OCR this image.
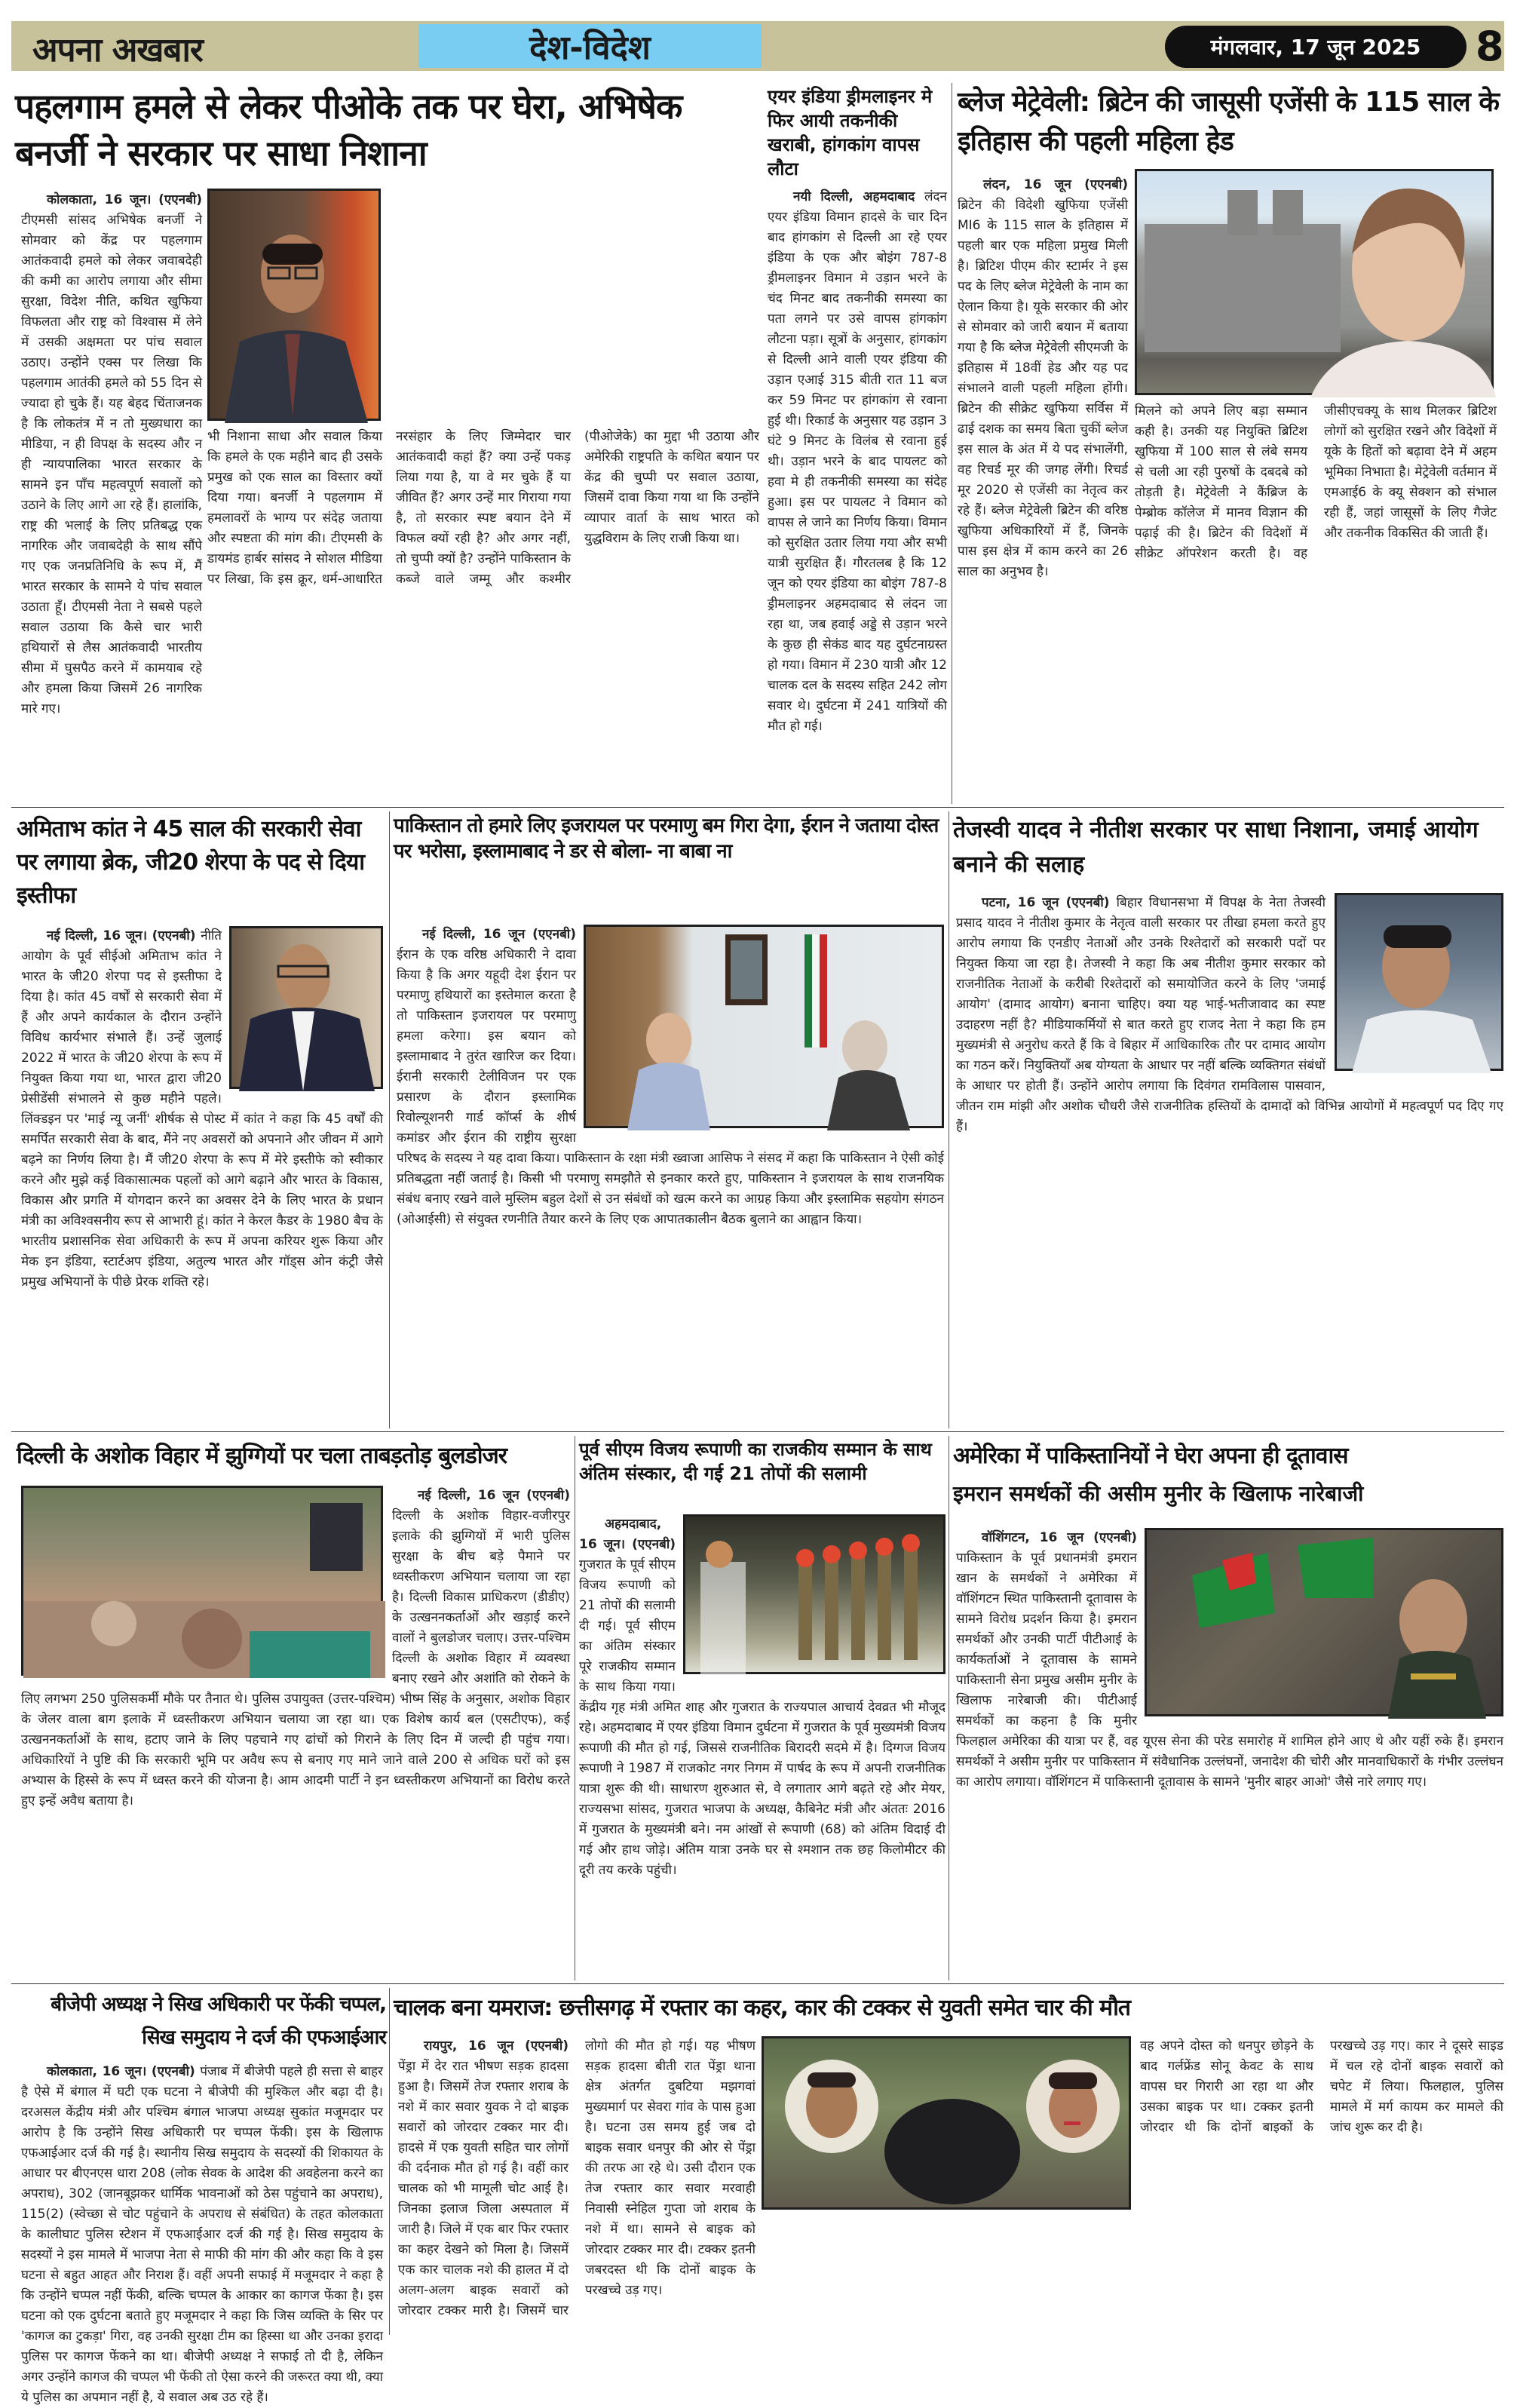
अपना अखबार	देश-विदेश	मंगलवार, 17 जून 2025 8
पहलगाम हमले से लेकर पीओके तक पर घेरा, अभिषेक बनर्जी ने सरकार पर साधा निशाना
कोलकाता, 16 जून। (एएनबी) टीएमसी सांसद अभिषेक बनर्जी ने सोमवार को केंद्र पर पहलगाम आतंकवादी हमले को लेकर जवाबदेही की कमी का आरोप लगाया और सीमा सुरक्षा, विदेश नीति, कथित खुफिया विफलता और राष्ट्र को विश्वास में लेने में उसकी अक्षमता पर पांच सवाल उठाए। उन्होंने एक्स पर लिखा कि पहलगाम आतंकी हमले को 55 दिन से ज्यादा हो चुके हैं। यह बेहद चिंताजनक है कि लोकतंत्र में न तो मुख्यधारा का मीडिया, न ही विपक्ष के सदस्य और न ही न्यायपालिका भारत सरकार के सामने इन पाँच महत्वपूर्ण सवालों को उठाने के लिए आगे आ रहे हैं। हालांकि, राष्ट्र की भलाई के लिए प्रतिबद्ध एक नागरिक और जवाबदेही के साथ सौंपे गए एक जनप्रतिनिधि के रूप में, मैं भारत सरकार के सामने ये पांच सवाल उठाता हूँ। टीएमसी नेता ने सबसे पहले सवाल उठाया कि कैसे चार भारी हथियारों से लैस आतंकवादी भारतीय सीमा में घुसपैठ करने में कामयाब रहे और हमला किया जिसमें 26 नागरिक मारे गए।
भी निशाना साधा और सवाल किया कि हमले के एक महीने बाद ही उसके प्रमुख को एक साल का विस्तार क्यों दिया गया। बनर्जी ने पहलगाम में हमलावरों के भाग्य पर संदेह जताया और स्पष्टता की मांग की। टीएमसी के डायमंड हार्बर सांसद ने सोशल मीडिया पर लिखा, कि इस क्रूर, धर्म-आधारित नरसंहार के लिए जिम्मेदार चार आतंकवादी कहां हैं? क्या उन्हें पकड़ लिया गया है, या वे मर चुके हैं या जीवित हैं? अगर उन्हें मार गिराया गया है, तो सरकार स्पष्ट बयान देने में विफल क्यों रही है? और अगर नहीं, तो चुप्पी क्यों है? उन्होंने पाकिस्तान के कब्जे वाले जम्मू और कश्मीर (पीओजेके) का मुद्दा भी उठाया और अमेरिकी राष्ट्रपति के कथित बयान पर केंद्र की चुप्पी पर सवाल उठाया, जिसमें दावा किया गया था कि उन्होंने व्यापार वार्ता के साथ भारत को युद्धविराम के लिए राजी किया था।
एयर इंडिया ड्रीमलाइनर मे फिर आयी तकनीकी खराबी, हांगकांग वापस लौटा
नयी दिल्ली, अहमदाबाद लंदन एयर इंडिया विमान हादसे के चार दिन बाद हांगकांग से दिल्ली आ रहे एयर इंडिया के एक और बोइंग 787-8 ड्रीमलाइनर विमान मे उड़ान भरने के चंद मिनट बाद तकनीकी समस्या का पता लगने पर उसे वापस हांगकांग लौटना पड़ा। सूत्रों के अनुसार, हांगकांग से दिल्ली आने वाली एयर इंडिया की उड़ान एआई 315 बीती रात 11 बज कर 59 मिनट पर हांगकांग से रवाना हुई थी। रिकार्ड के अनुसार यह उड़ान 3 घंटे 9 मिनट के विलंब से रवाना हुई थी। उड़ान भरने के बाद पायलट को हवा मे ही तकनीकी समस्या का संदेह हुआ। इस पर पायलट ने विमान को वापस ले जाने का निर्णय किया। विमान को सुरक्षित उतार लिया गया और सभी यात्री सुरक्षित हैं। गौरतलब है कि 12 जून को एयर इंडिया का बोइंग 787-8 ड्रीमलाइनर अहमदाबाद से लंदन जा रहा था, जब हवाई अड्डे से उड़ान भरने के कुछ ही सेकंड बाद यह दुर्घटनाग्रस्त हो गया। विमान में 230 यात्री और 12 चालक दल के सदस्य सहित 242 लोग सवार थे। दुर्घटना में 241 यात्रियों की मौत हो गई।
ब्लेज मेट्रेवेली: ब्रिटेन की जासूसी एजेंसी के 115 साल के इतिहास की पहली महिला हेड
लंदन, 16 जून (एएनबी) ब्रिटेन की विदेशी खुफिया एजेंसी MI6 के 115 साल के इतिहास में पहली बार एक महिला प्रमुख मिली है। ब्रिटिश पीएम कीर स्टार्मर ने इस पद के लिए ब्लेज मेट्रेवेली के नाम का ऐलान किया है। यूके सरकार की ओर से सोमवार को जारी बयान में बताया गया है कि ब्लेज मेट्रेवेली सीएमजी के इतिहास में 18वीं हेड और यह पद संभालने वाली पहली महिला होंगी। ब्रिटेन की सीक्रेट खुफिया सर्विस में ढाई दशक का समय बिता चुकीं ब्लेज इस साल के अंत में ये पद संभालेंगी, वह रिचर्ड मूर की जगह लेंगी। रिचर्ड मूर 2020 से एजेंसी का नेतृत्व कर रहे हैं। ब्लेज मेट्रेवेली ब्रिटेन की वरिष्ठ खुफिया अधिकारियों में हैं, जिनके पास इस क्षेत्र में काम करने का 26 साल का अनुभव है।
मिलने को अपने लिए बड़ा सम्मान कही है। उनकी यह नियुक्ति ब्रिटिश खुफिया में 100 साल से लंबे समय से चली आ रही पुरुषों के दबदबे को तोड़ती है। मेट्रेवेली ने कैंब्रिज के पेम्ब्रोक कॉलेज में मानव विज्ञान की पढ़ाई की है। ब्रिटेन की विदेशों में सीक्रेट ऑपरेशन करती है। वह जीसीएचक्यू के साथ मिलकर ब्रिटिश लोगों को सुरक्षित रखने और विदेशों में यूके के हितों को बढ़ावा देने में अहम भूमिका निभाता है। मेट्रेवेली वर्तमान में एमआई6 के क्यू सेक्शन को संभाल रही हैं, जहां जासूसों के लिए गैजेट और तकनीक विकसित की जाती हैं।
अमिताभ कांत ने 45 साल की सरकारी सेवा पर लगाया ब्रेक, जी20 शेरपा के पद से दिया इस्तीफा
नई दिल्ली, 16 जून। (एएनबी) नीति आयोग के पूर्व सीईओ अमिताभ कांत ने भारत के जी20 शेरपा पद से इस्तीफा दे दिया है। कांत 45 वर्षों से सरकारी सेवा में हैं और अपने कार्यकाल के दौरान उन्होंने विविध कार्यभार संभाले हैं। उन्हें जुलाई 2022 में भारत के जी20 शेरपा के रूप में नियुक्त किया गया था, भारत द्वारा जी20 प्रेसीडेंसी संभालने से कुछ महीने पहले। लिंक्डइन पर 'माई न्यू जर्नी' शीर्षक से पोस्ट में कांत ने कहा कि 45 वर्षों की समर्पित सरकारी सेवा के बाद, मैंने नए अवसरों को अपनाने और जीवन में आगे बढ़ने का निर्णय लिया है। मैं जी20 शेरपा के रूप में मेरे इस्तीफे को स्वीकार करने और मुझे कई विकासात्मक पहलों को आगे बढ़ाने और भारत के विकास, विकास और प्रगति में योगदान करने का अवसर देने के लिए भारत के प्रधान मंत्री का अविश्वसनीय रूप से आभारी हूं। कांत ने केरल कैडर के 1980 बैच के भारतीय प्रशासनिक सेवा अधिकारी के रूप में अपना करियर शुरू किया और मेक इन इंडिया, स्टार्टअप इंडिया, अतुल्य भारत और गॉड्स ओन कंट्री जैसे प्रमुख अभियानों के पीछे प्रेरक शक्ति रहे।
पाकिस्तान तो हमारे लिए इजरायल पर परमाणु बम गिरा देगा, ईरान ने जताया दोस्त पर भरोसा, इस्लामाबाद ने डर से बोला- ना बाबा ना
नई दिल्ली, 16 जून (एएनबी) ईरान के एक वरिष्ठ अधिकारी ने दावा किया है कि अगर यहूदी देश ईरान पर परमाणु हथियारों का इस्तेमाल करता है तो पाकिस्तान इजरायल पर परमाणु हमला करेगा। इस बयान को इस्लामाबाद ने तुरंत खारिज कर दिया। ईरानी सरकारी टेलीविजन पर एक प्रसारण के दौरान इस्लामिक रिवोल्यूशनरी गार्ड कॉर्प्स के शीर्ष कमांडर और ईरान की राष्ट्रीय सुरक्षा परिषद के सदस्य ने यह दावा किया। पाकिस्तान के रक्षा मंत्री ख्वाजा आसिफ ने संसद में कहा कि पाकिस्तान ने ऐसी कोई प्रतिबद्धता नहीं जताई है। किसी भी परमाणु समझौते से इनकार करते हुए, पाकिस्तान ने इजरायल के साथ राजनयिक संबंध बनाए रखने वाले मुस्लिम बहुल देशों से उन संबंधों को खत्म करने का आग्रह किया और इस्लामिक सहयोग संगठन (ओआईसी) से संयुक्त रणनीति तैयार करने के लिए एक आपातकालीन बैठक बुलाने का आह्वान किया।
तेजस्वी यादव ने नीतीश सरकार पर साधा निशाना, जमाई आयोग बनाने की सलाह
पटना, 16 जून (एएनबी) बिहार विधानसभा में विपक्ष के नेता तेजस्वी प्रसाद यादव ने नीतीश कुमार के नेतृत्व वाली सरकार पर तीखा हमला करते हुए आरोप लगाया कि एनडीए नेताओं और उनके रिश्तेदारों को सरकारी पदों पर नियुक्त किया जा रहा है। तेजस्वी ने कहा कि अब नीतीश कुमार सरकार को राजनीतिक नेताओं के करीबी रिश्तेदारों को समायोजित करने के लिए 'जमाई आयोग' (दामाद आयोग) बनाना चाहिए। क्या यह भाई-भतीजावाद का स्पष्ट उदाहरण नहीं है? मीडियाकर्मियों से बात करते हुए राजद नेता ने कहा कि हम मुख्यमंत्री से अनुरोध करते हैं कि वे बिहार में आधिकारिक तौर पर दामाद आयोग का गठन करें। नियुक्तियाँ अब योग्यता के आधार पर नहीं बल्कि व्यक्तिगत संबंधों के आधार पर होती हैं। उन्होंने आरोप लगाया कि दिवंगत रामविलास पासवान, जीतन राम मांझी और अशोक चौधरी जैसे राजनीतिक हस्तियों के दामादों को विभिन्न आयोगों में महत्वपूर्ण पद दिए गए हैं।
दिल्ली के अशोक विहार में झुग्गियों पर चला ताबड़तोड़ बुलडोजर
नई दिल्ली, 16 जून (एएनबी) दिल्ली के अशोक विहार-वजीरपुर इलाके की झुग्गियों में भारी पुलिस सुरक्षा के बीच बड़े पैमाने पर ध्वस्तीकरण अभियान चलाया जा रहा है। दिल्ली विकास प्राधिकरण (डीडीए) के उत्खननकर्ताओं और खड़ाई करने वालों ने बुलडोजर चलाए। उत्तर-पश्चिम दिल्ली के अशोक विहार में व्यवस्था बनाए रखने और अशांति को रोकने के लिए लगभग 250 पुलिसकर्मी मौके पर तैनात थे। पुलिस उपायुक्त (उत्तर-पश्चिम) भीष्म सिंह के अनुसार, अशोक विहार के जेलर वाला बाग इलाके में ध्वस्तीकरण अभियान चलाया जा रहा था। एक विशेष कार्य बल (एसटीएफ), कई उत्खननकर्ताओं के साथ, हटाए जाने के लिए पहचाने गए ढांचों को गिराने के लिए दिन में जल्दी ही पहुंच गया। अधिकारियों ने पुष्टि की कि सरकारी भूमि पर अवैध रूप से बनाए गए माने जाने वाले 200 से अधिक घरों को इस अभ्यास के हिस्से के रूप में ध्वस्त करने की योजना है। आम आदमी पार्टी ने इन ध्वस्तीकरण अभियानों का विरोध करते हुए इन्हें अवैध बताया है।
पूर्व सीएम विजय रूपाणी का राजकीय सम्मान के साथ अंतिम संस्कार, दी गई 21 तोपों की सलामी
अहमदाबाद, 16 जून। (एएनबी) गुजरात के पूर्व सीएम विजय रूपाणी को 21 तोपों की सलामी दी गई। पूर्व सीएम का अंतिम संस्कार पूरे राजकीय सम्मान के साथ किया गया। केंद्रीय गृह मंत्री अमित शाह और गुजरात के राज्यपाल आचार्य देवव्रत भी मौजूद रहे। अहमदाबाद में एयर इंडिया विमान दुर्घटना में गुजरात के पूर्व मुख्यमंत्री विजय रूपाणी की मौत हो गई, जिससे राजनीतिक बिरादरी सदमे में है। दिग्गज विजय रूपाणी ने 1987 में राजकोट नगर निगम में पार्षद के रूप में अपनी राजनीतिक यात्रा शुरू की थी। साधारण शुरुआत से, वे लगातार आगे बढ़ते रहे और मेयर, राज्यसभा सांसद, गुजरात भाजपा के अध्यक्ष, कैबिनेट मंत्री और अंततः 2016 में गुजरात के मुख्यमंत्री बने। नम आंखों से रूपाणी (68) को अंतिम विदाई दी गई और हाथ जोड़े। अंतिम यात्रा उनके घर से श्मशान तक छह किलोमीटर की दूरी तय करके पहुंची।
अमेरिका में पाकिस्तानियों ने घेरा अपना ही दूतावास
इमरान समर्थकों की असीम मुनीर के खिलाफ नारेबाजी
वॉशिंगटन, 16 जून (एएनबी) पाकिस्तान के पूर्व प्रधानमंत्री इमरान खान के समर्थकों ने अमेरिका में वॉशिंगटन स्थित पाकिस्तानी दूतावास के सामने विरोध प्रदर्शन किया है। इमरान समर्थकों और उनकी पार्टी पीटीआई के कार्यकर्ताओं ने दूतावास के सामने पाकिस्तानी सेना प्रमुख असीम मुनीर के खिलाफ नारेबाजी की। पीटीआई समर्थकों का कहना है कि मुनीर फिलहाल अमेरिका की यात्रा पर हैं, वह यूएस सेना की परेड समारोह में शामिल होने आए थे और यहीं रुके हैं। इमरान समर्थकों ने असीम मुनीर पर पाकिस्तान में संवैधानिक उल्लंघनों, जनादेश की चोरी और मानवाधिकारों के गंभीर उल्लंघन का आरोप लगाया। वॉशिंगटन में पाकिस्तानी दूतावास के सामने 'मुनीर बाहर आओ' जैसे नारे लगाए गए।
बीजेपी अध्यक्ष ने सिख अधिकारी पर फेंकी चप्पल, सिख समुदाय ने दर्ज की एफआईआर
कोलकाता, 16 जून। (एएनबी) पंजाब में बीजेपी पहले ही सत्ता से बाहर है ऐसे में बंगाल में घटी एक घटना ने बीजेपी की मुश्किल और बढ़ा दी है। दरअसल केंद्रीय मंत्री और पश्चिम बंगाल भाजपा अध्यक्ष सुकांत मजूमदार पर आरोप है कि उन्होंने सिख अधिकारी पर चप्पल फेंकी। इस के खिलाफ एफआईआर दर्ज की गई है। स्थानीय सिख समुदाय के सदस्यों की शिकायत के आधार पर बीएनएस धारा 208 (लोक सेवक के आदेश की अवहेलना करने का अपराध), 302 (जानबूझकर धार्मिक भावनाओं को ठेस पहुंचाने का अपराध), 115(2) (स्वेच्छा से चोट पहुंचाने के अपराध से संबंधित) के तहत कोलकाता के कालीघाट पुलिस स्टेशन में एफआईआर दर्ज की गई है। सिख समुदाय के सदस्यों ने इस मामले में भाजपा नेता से माफी की मांग की और कहा कि वे इस घटना से बहुत आहत और निराश हैं। वहीं अपनी सफाई में मजूमदार ने कहा है कि उन्होंने चप्पल नहीं फेंकी, बल्कि चप्पल के आकार का कागज फेंका है। इस घटना को एक दुर्घटना बताते हुए मजूमदार ने कहा कि जिस व्यक्ति के सिर पर 'कागज का टुकड़ा' गिरा, वह उनकी सुरक्षा टीम का हिस्सा था और उनका इरादा पुलिस पर कागज फेंकने का था। बीजेपी अध्यक्ष ने सफाई तो दी है, लेकिन अगर उन्होंने कागज की चप्पल भी फेंकी तो ऐसा करने की जरूरत क्या थी, क्या ये पुलिस का अपमान नहीं है, ये सवाल अब उठ रहे हैं।
चालक बना यमराज: छत्तीसगढ़ में रफ्तार का कहर, कार की टक्कर से युवती समेत चार की मौत
रायपुर, 16 जून (एएनबी) पेंड्रा में देर रात भीषण सड़क हादसा हुआ है। जिसमें तेज रफ्तार शराब के नशे में कार सवार युवक ने दो बाइक सवारों को जोरदार टक्कर मार दी। हादसे में एक युवती सहित चार लोगों की दर्दनाक मौत हो गई है। वहीं कार चालक को भी मामूली चोट आई है। जिनका इलाज जिला अस्पताल में जारी है। जिले में एक बार फिर रफ्तार का कहर देखने को मिला है। जिसमें एक कार चालक नशे की हालत में दो अलग-अलग बाइक सवारों को जोरदार टक्कर मारी है। जिसमें चार लोगो की मौत हो गई। यह भीषण सड़क हादसा बीती रात पेंड्रा थाना क्षेत्र अंतर्गत दुबटिया मझगवां मुख्यमार्ग पर सेवरा गांव के पास हुआ है। घटना उस समय हुई जब दो बाइक सवार धनपुर की ओर से पेंड्रा की तरफ आ रहे थे। उसी दौरान एक तेज रफ्तार कार सवार मरवाही निवासी स्नेहिल गुप्ता जो शराब के नशे में था। सामने से बाइक को जोरदार टक्कर मार दी। टक्कर इतनी जबरदस्त थी कि दोनों बाइक के परखच्चे उड़ गए।
वह अपने दोस्त को धनपुर छोड़ने के बाद गर्लफ्रेंड सोनू केवट के साथ वापस घर गिरारी आ रहा था और उसका बाइक पर था। टक्कर इतनी जोरदार थी कि दोनों बाइकों के परखच्चे उड़ गए। कार ने दूसरे साइड में चल रहे दोनों बाइक सवारों को चपेट में लिया। फिलहाल, पुलिस मामले में मर्ग कायम कर मामले की जांच शुरू कर दी है।
